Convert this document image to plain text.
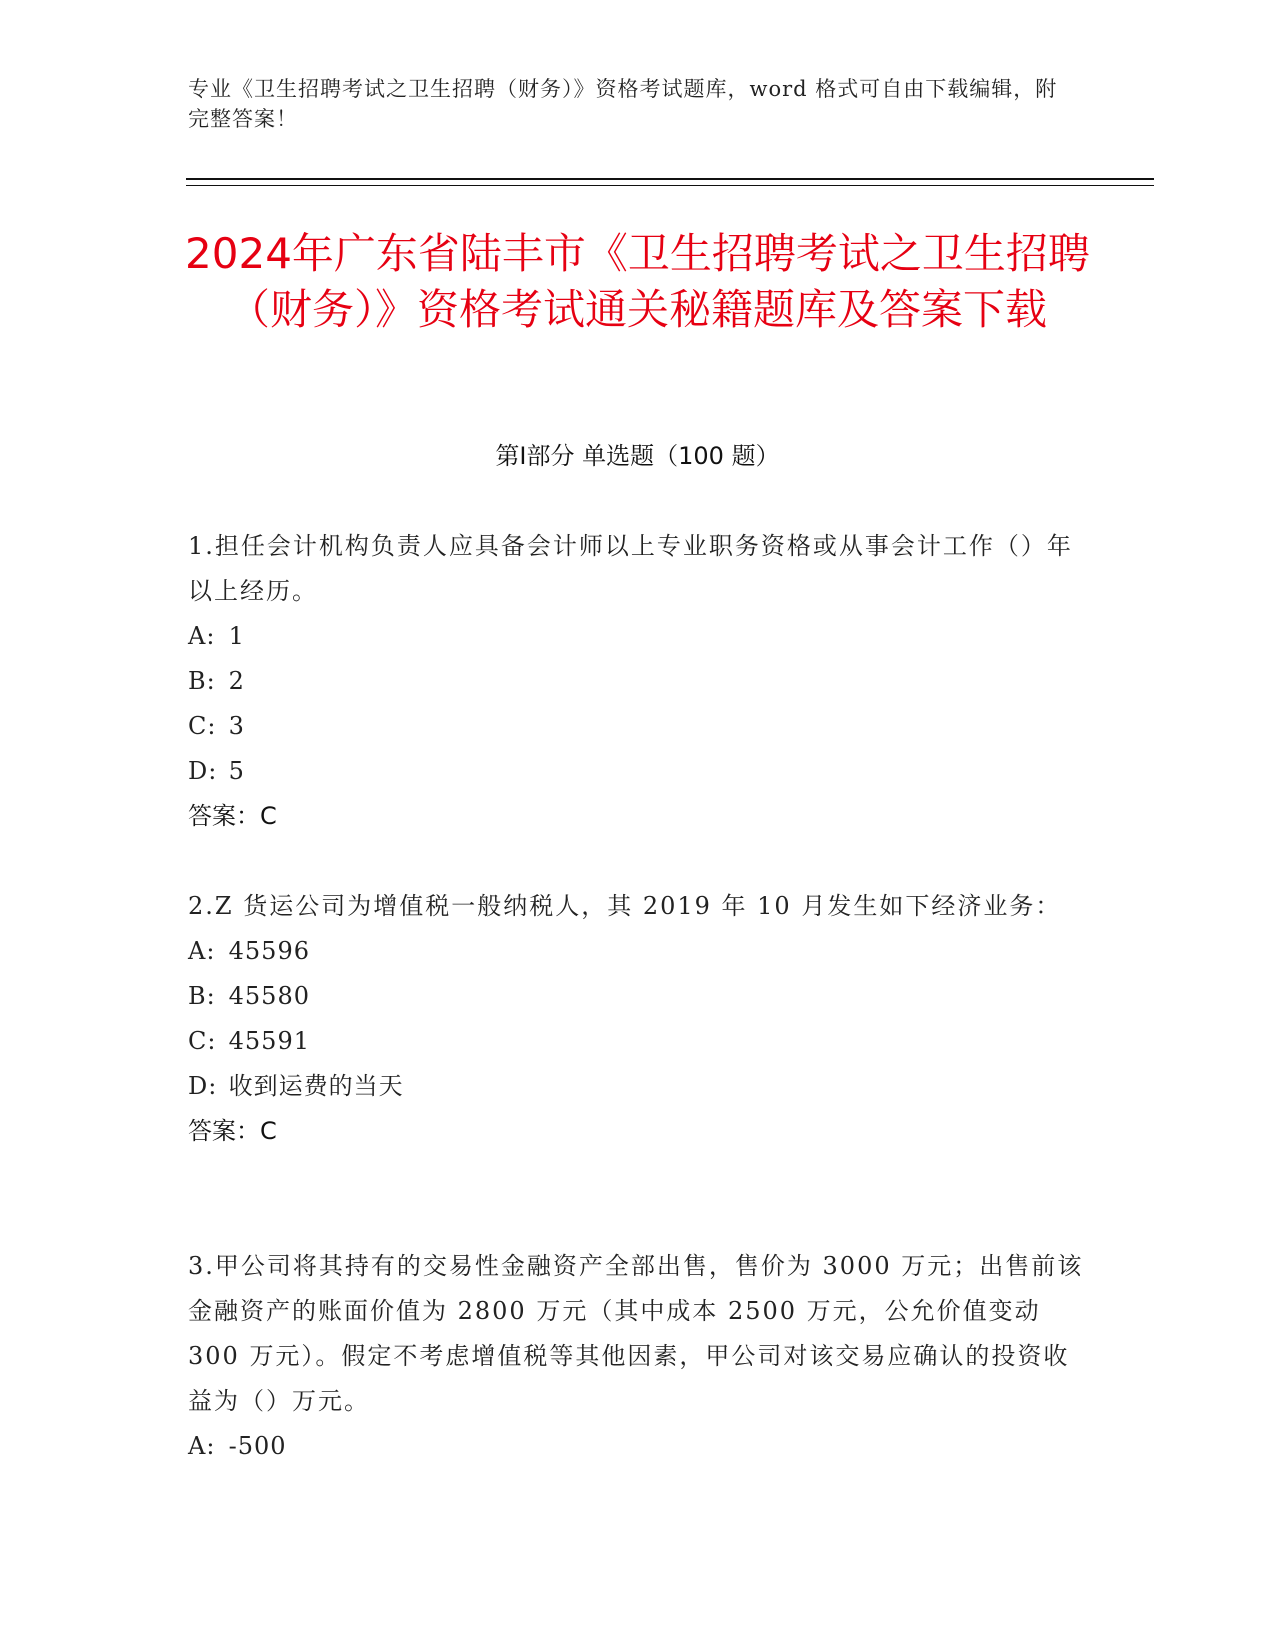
专业《卫生招聘考试之卫生招聘（财务）》资格考试题库，word 格式可自由下载编辑，附完整答案！
2024年广东省陆丰市《卫生招聘考试之卫生招聘（财务）》资格考试通关秘籍题库及答案下载
第Ⅰ部分 单选题（100 题）
1.担任会计机构负责人应具备会计师以上专业职务资格或从事会计工作（）年以上经历。
A: 1
B: 2
C: 3
D: 5
答案：C
2.Z 货运公司为增值税一般纳税人，其 2019 年 10 月发生如下经济业务：
A: 45596
B: 45580
C: 45591
D: 收到运费的当天
答案：C
3.甲公司将其持有的交易性金融资产全部出售，售价为 3000 万元；出售前该金融资产的账面价值为 2800 万元（其中成本 2500 万元，公允价值变动 300 万元）。假定不考虑增值税等其他因素，甲公司对该交易应确认的投资收益为（）万元。
A: -500
